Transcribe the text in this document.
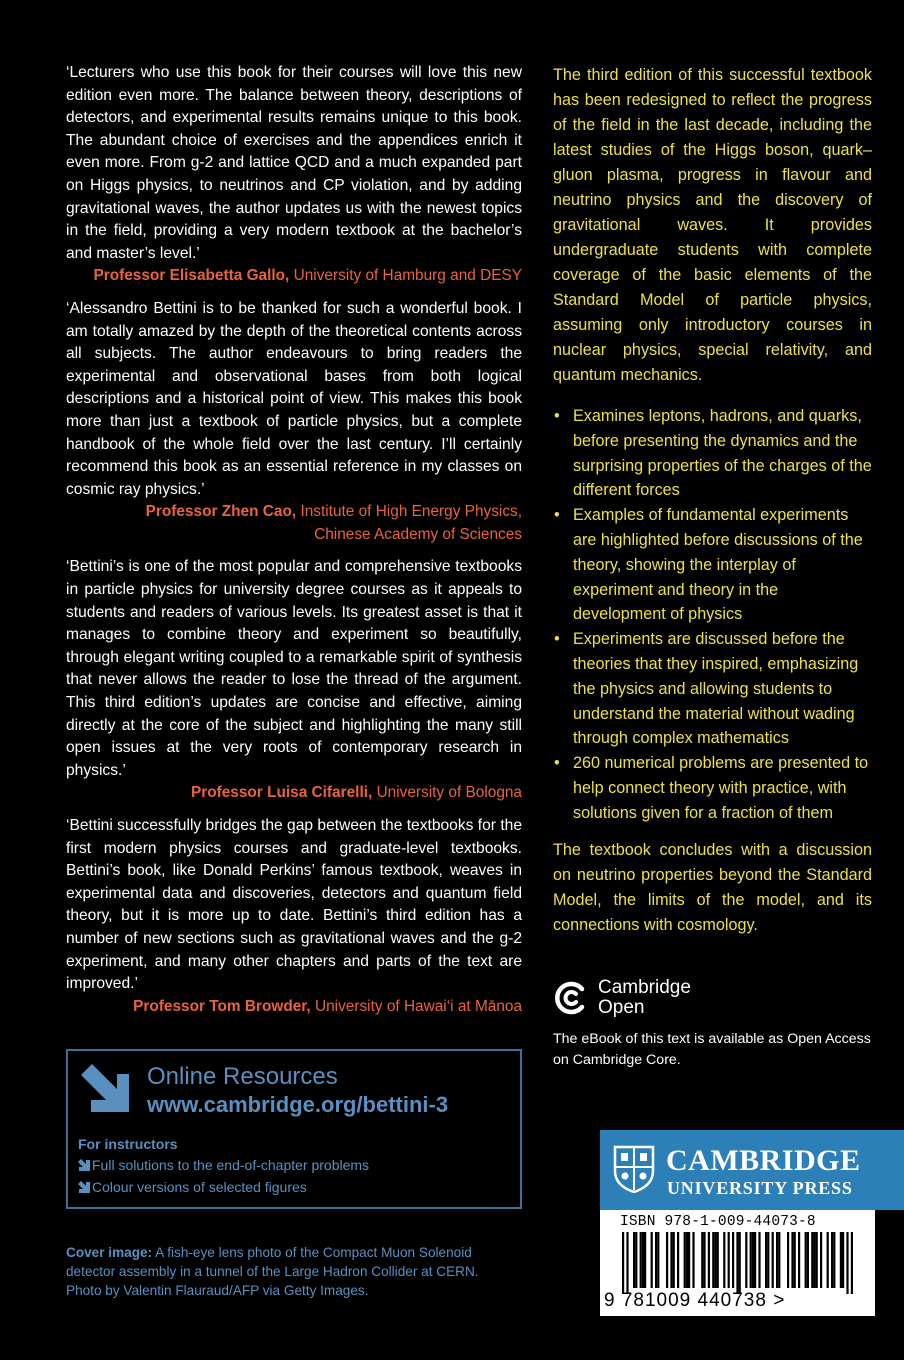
‘Lecturers who use this book for their courses will love this new edition even more. The balance between theory, descriptions of detectors, and experimental results remains unique to this book. The abundant choice of exercises and the appendices enrich it even more. From g-2 and lattice QCD and a much expanded part on Higgs physics, to neutrinos and CP violation, and by adding gravitational waves, the author updates us with the newest topics in the field, providing a very modern textbook at the bachelor’s and master’s level.’

Professor Elisabetta Gallo, University of Hamburg and DESY

‘Alessandro Bettini is to be thanked for such a wonderful book. I am totally amazed by the depth of the theoretical contents across all subjects. The author endeavours to bring readers the experimental and observational bases from both logical descriptions and a historical point of view. This makes this book more than just a textbook of particle physics, but a complete handbook of the whole field over the last century. I’ll certainly recommend this book as an essential reference in my classes on cosmic ray physics.’

Professor Zhen Cao, Institute of High Energy Physics,
Chinese Academy of Sciences

‘Bettini’s is one of the most popular and comprehensive textbooks in particle physics for university degree courses as it appeals to students and readers of various levels. Its greatest asset is that it manages to combine theory and experiment so beautifully, through elegant writing coupled to a remarkable spirit of synthesis that never allows the reader to lose the thread of the argument. This third edition’s updates are concise and effective, aiming directly at the core of the subject and highlighting the many still open issues at the very roots of contemporary research in physics.’

Professor Luisa Cifarelli, University of Bologna

‘Bettini successfully bridges the gap between the textbooks for the first modern physics courses and graduate-level textbooks. Bettini’s book, like Donald Perkins’ famous textbook, weaves in experimental data and discoveries, detectors and quantum field theory, but it is more up to date. Bettini’s third edition has a number of new sections such as gravitational waves and the g-2 experiment, and many other chapters and parts of the text are improved.’

Professor Tom Browder, University of Hawai‘i at Mānoa

The third edition of this successful textbook has been redesigned to reflect the progress of the field in the last decade, including the latest studies of the Higgs boson, quark–gluon plasma, progress in flavour and neutrino physics and the discovery of gravitational waves. It provides undergraduate students with complete coverage of the basic elements of the Standard Model of particle physics, assuming only introductory courses in nuclear physics, special relativity, and quantum mechanics.

• Examines leptons, hadrons, and quarks, before presenting the dynamics and the surprising properties of the charges of the different forces
• Examples of fundamental experiments are highlighted before discussions of the theory, showing the interplay of experiment and theory in the development of physics
• Experiments are discussed before the theories that they inspired, emphasizing the physics and allowing students to understand the material without wading through complex mathematics
• 260 numerical problems are presented to help connect theory with practice, with solutions given for a fraction of them

The textbook concludes with a discussion on neutrino properties beyond the Standard Model, the limits of the model, and its connections with cosmology.

Cambridge
Open
The eBook of this text is available as Open Access on Cambridge Core.
Online Resources
www.cambridge.org/bettini-3
For instructors
Full solutions to the end-of-chapter problems
Colour versions of selected figures
Cover image: A fish-eye lens photo of the Compact Muon Solenoid detector assembly in a tunnel of the Large Hadron Collider at CERN. Photo by Valentin Flauraud/AFP via Getty Images.
CAMBRIDGE
UNIVERSITY PRESS
ISBN 978-1-009-44073-8
9 781009 440738 >
